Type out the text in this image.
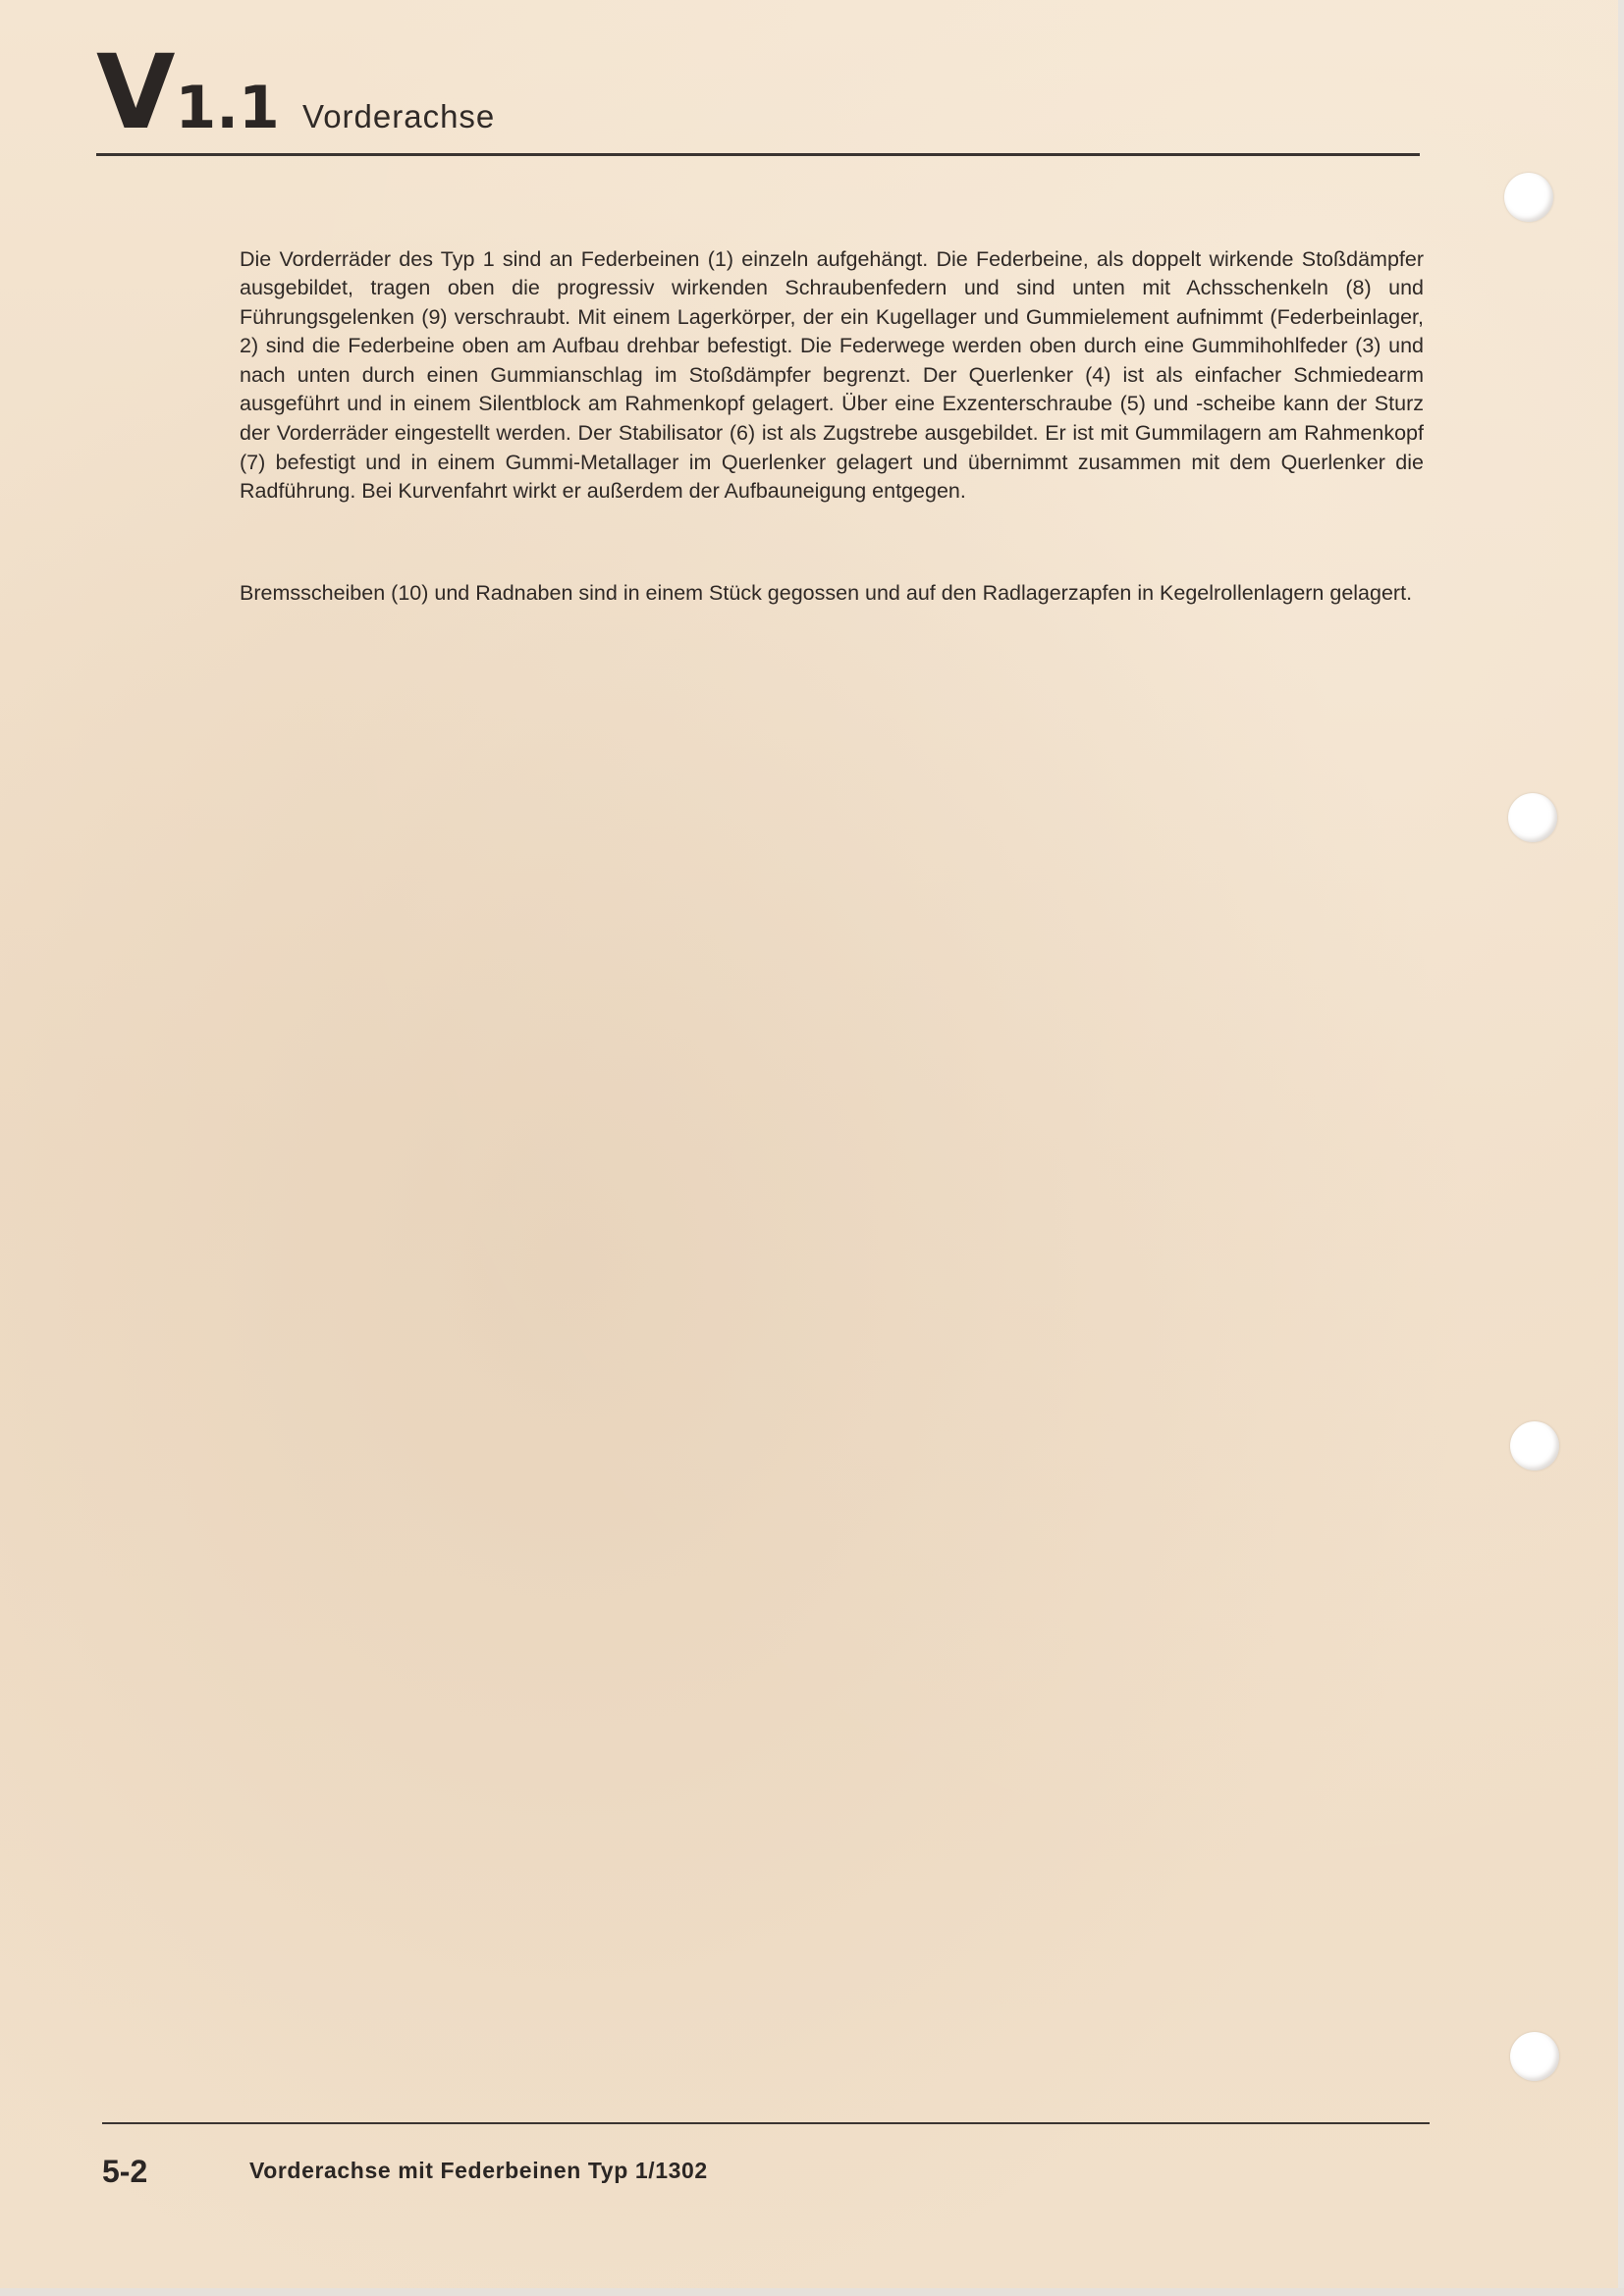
V 1.1 Vorderachse

Die Vorderräder des Typ 1 sind an Federbeinen (1) einzeln aufgehängt. Die Federbeine, als doppelt wirkende Stoßdämpfer ausgebildet, tragen oben die progressiv wirkenden Schraubenfedern und sind unten mit Achsschenkeln (8) und Führungsgelenken (9) verschraubt. Mit einem Lagerkörper, der ein Kugellager und Gummielement aufnimmt (Federbeinlager, 2) sind die Federbeine oben am Aufbau drehbar befestigt. Die Federwege werden oben durch eine Gummihohlfeder (3) und nach unten durch einen Gummianschlag im Stoßdämpfer begrenzt. Der Querlenker (4) ist als einfacher Schmiedearm ausgeführt und in einem Silentblock am Rahmenkopf gelagert. Über eine Exzenterschraube (5) und -scheibe kann der Sturz der Vorderräder eingestellt werden. Der Stabilisator (6) ist als Zugstrebe ausgebildet. Er ist mit Gummilagern am Rahmenkopf (7) befestigt und in einem Gummi-Metallager im Querlenker gelagert und übernimmt zusammen mit dem Querlenker die Radführung. Bei Kurvenfahrt wirkt er außerdem der Aufbauneigung entgegen.

Bremsscheiben (10) und Radnaben sind in einem Stück gegossen und auf den Radlagerzapfen in Kegelrollenlagern gelagert.

5-2	Vorderachse mit Federbeinen Typ 1/1302
